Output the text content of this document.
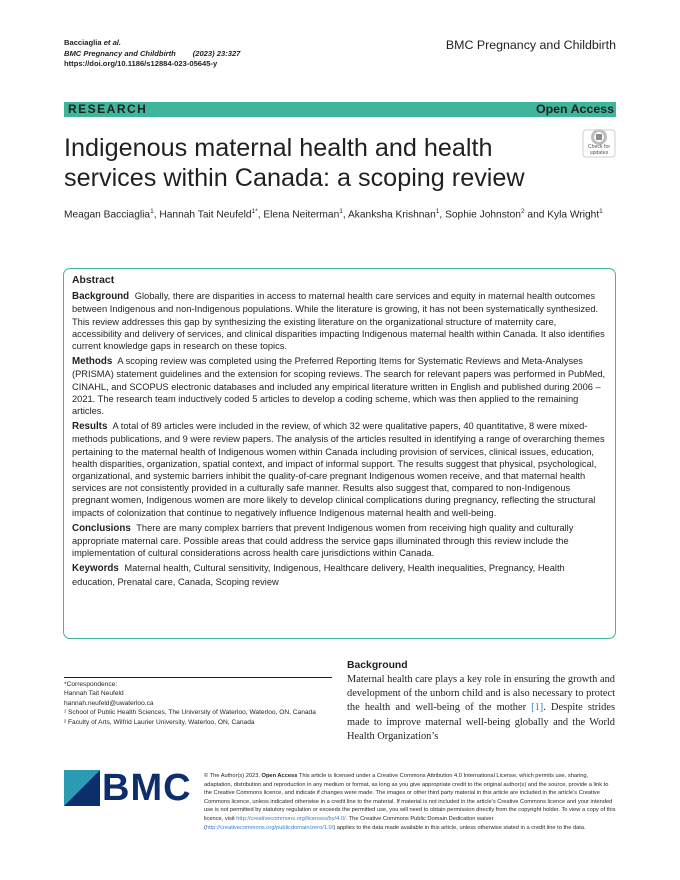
Bacciaglia et al.
BMC Pregnancy and Childbirth (2023) 23:327
https://doi.org/10.1186/s12884-023-05645-y
BMC Pregnancy and Childbirth
RESEARCH	Open Access
Indigenous maternal health and health services within Canada: a scoping review
Check for
updates
Meagan Bacciaglia$^1$, Hannah Tait Neufeld$^{1*}$, Elena Neiterman$^1$, Akanksha Krishnan$^1$, Sophie Johnston$^2$ and Kyla Wright$^1$
Abstract

Background Globally, there are disparities in access to maternal health care services and equity in maternal health outcomes between Indigenous and non-Indigenous populations. While the literature is growing, it has not been systematically synthesized. This review addresses this gap by synthesizing the existing literature on the organizational structure of maternity care, accessibility and delivery of services, and clinical disparities impacting Indigenous maternal health within Canada. It also identifies current knowledge gaps in research on these topics.

Methods A scoping review was completed using the Preferred Reporting Items for Systematic Reviews and Meta-Analyses (PRISMA) statement guidelines and the extension for scoping reviews. The search for relevant papers was performed in PubMed, CINAHL, and SCOPUS electronic databases and included any empirical literature written in English and published during 2006 – 2021. The research team inductively coded 5 articles to develop a coding scheme, which was then applied to the remaining articles.

Results A total of 89 articles were included in the review, of which 32 were qualitative papers, 40 quantitative, 8 were mixed-methods publications, and 9 were review papers. The analysis of the articles resulted in identifying a range of overarching themes pertaining to the maternal health of Indigenous women within Canada including provision of services, clinical issues, education, health disparities, organization, spatial context, and impact of informal support. The results suggest that physical, psychological, organizational, and systemic barriers inhibit the quality-of-care pregnant Indigenous women receive, and that maternal health services are not consistently provided in a culturally safe manner. Results also suggest that, compared to non-Indigenous pregnant women, Indigenous women are more likely to develop clinical complications during pregnancy, reflecting the structural impacts of colonization that continue to negatively influence Indigenous maternal health and well-being.

Conclusions There are many complex barriers that prevent Indigenous women from receiving high quality and culturally appropriate maternal care. Possible areas that could address the service gaps illuminated through this review include the implementation of cultural considerations across health care jurisdictions within Canada.

Keywords Maternal health, Cultural sensitivity, Indigenous, Healthcare delivery, Health inequalities, Pregnancy, Health education, Prenatal care, Canada, Scoping review

*Correspondence:
Hannah Tait Neufeld
hannah.neufeld@uwaterloo.ca
¹ School of Public Health Sciences, The University of Waterloo, Waterloo, ON, Canada
² Faculty of Arts, Wilfrid Laurier University, Waterloo, ON, Canada
Background
Maternal health care plays a key role in ensuring the growth and development of the unborn child and is also necessary to protect the health and well-being of the mother [1]. Despite strides made to improve maternal well-being globally and the World Health Organization’s
BMC © The Author(s) 2023. Open Access This article is licensed under a Creative Commons Attribution 4.0 International License, which permits use, sharing, adaptation, distribution and reproduction in any medium or format, as long as you give appropriate credit to the original author(s) and the source, provide a link to the Creative Commons licence, and indicate if changes were made. The images or other third party material in this article are included in the article’s Creative Commons licence, unless indicated otherwise in a credit line to the material. If material is not included in the article’s Creative Commons licence and your intended use is not permitted by statutory regulation or exceeds the permitted use, you will need to obtain permission directly from the copyright holder. To view a copy of this licence, visit http://creativecommons.org/licenses/by/4.0/. The Creative Commons Public Domain Dedication waiver (http://creativecommons.org/publicdomain/zero/1.0/) applies to the data made available in this article, unless otherwise stated in a credit line to the data.
